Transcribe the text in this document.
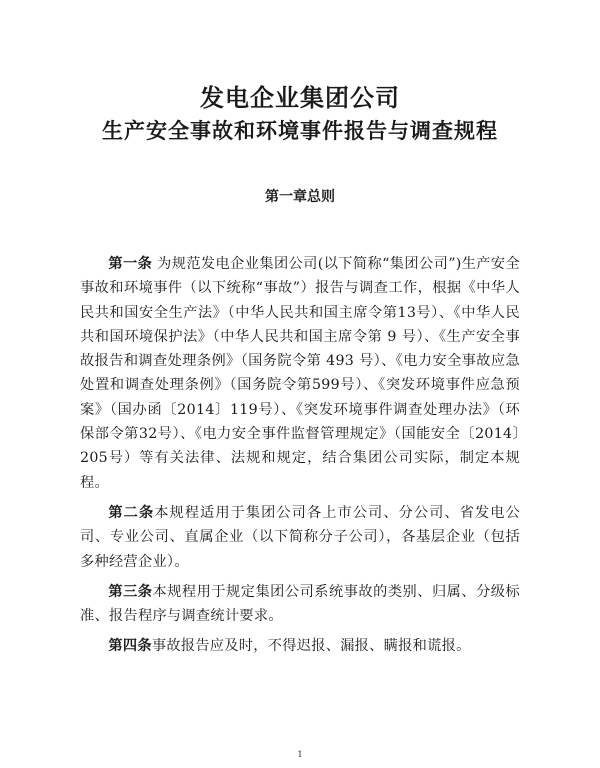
发电企业集团公司
生产安全事故和环境事件报告与调查规程
第一章总则

第一条 为规范发电企业集团公司(以下简称“集团公司”)生产安全事故和环境事件（以下统称“事故”）报告与调查工作，根据《中华人民共和国安全生产法》（中华人民共和国主席令第13号）、《中华人民共和国环境保护法》（中华人民共和国主席令第 9 号）、《生产安全事故报告和调查处理条例》（国务院令第 493 号）、《电力安全事故应急处置和调查处理条例》（国务院令第599号）、《突发环境事件应急预案》（国办函〔2014〕119号）、《突发环境事件调查处理办法》（环保部令第32号）、《电力安全事件监督管理规定》（国能安全〔2014〕205号）等有关法律、法规和规定，结合集团公司实际，制定本规程。

第二条本规程适用于集团公司各上市公司、分公司、省发电公司、专业公司、直属企业（以下简称分子公司），各基层企业（包括多种经营企业）。

第三条本规程用于规定集团公司系统事故的类别、归属、分级标准、报告程序与调查统计要求。

第四条事故报告应及时，不得迟报、漏报、瞒报和谎报。

1
